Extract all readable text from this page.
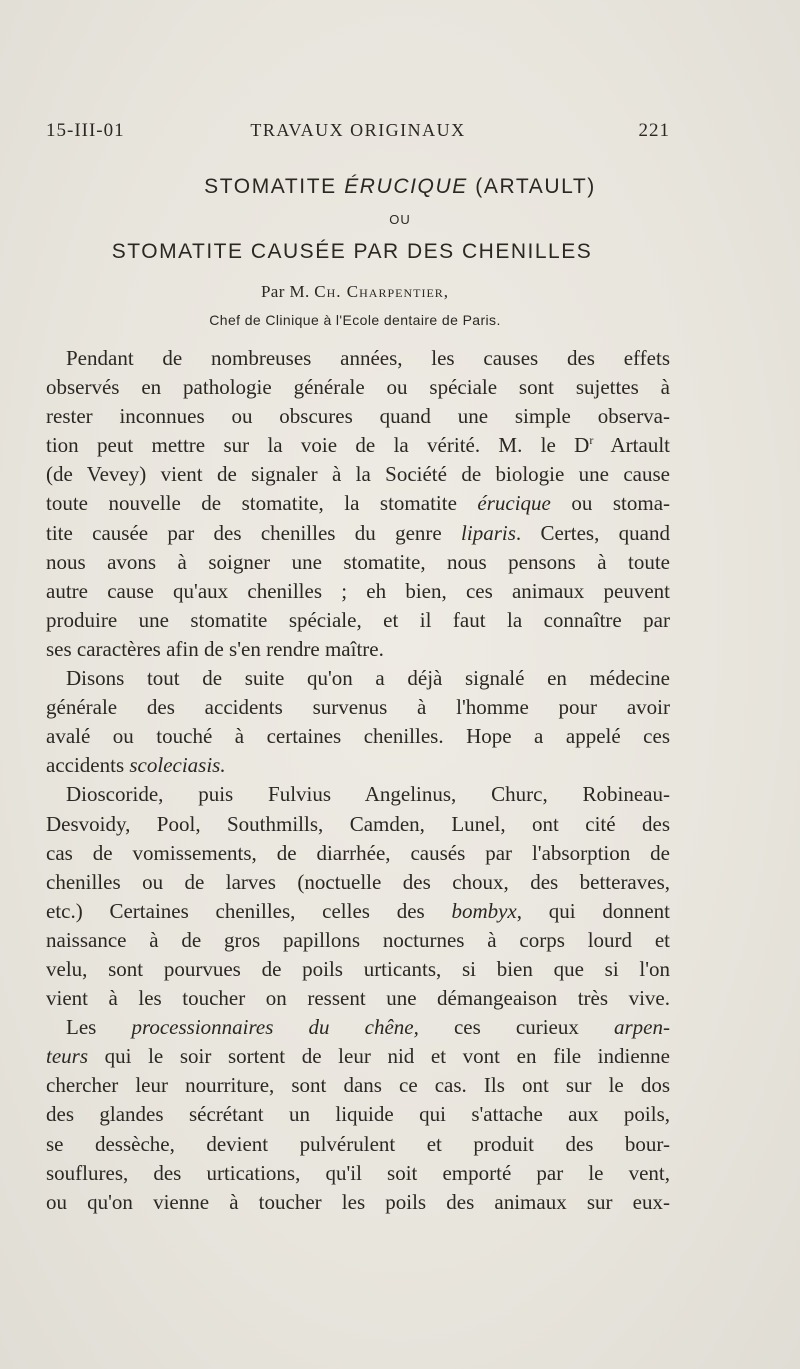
15-III-01	TRAVAUX ORIGINAUX	221
STOMATITE ÉRUCIQUE (ARTAULT)
OU
STOMATITE CAUSÉE PAR DES CHENILLES
Par M. Ch. Charpentier,
Chef de Clinique à l'Ecole dentaire de Paris.
Pendant de nombreuses années, les causes des effets
observés en pathologie générale ou spéciale sont sujettes à
rester inconnues ou obscures quand une simple observa-
tion peut mettre sur la voie de la vérité. M. le $D^r$ Artault
(de Vevey) vient de signaler à la Société de biologie une cause
toute nouvelle de stomatite, la stomatite érucique ou stoma-
tite causée par des chenilles du genre liparis. Certes, quand
nous avons à soigner une stomatite, nous pensons à toute
autre cause qu'aux chenilles ; eh bien, ces animaux peuvent
produire une stomatite spéciale, et il faut la connaître par
ses caractères afin de s'en rendre maître.
Disons tout de suite qu'on a déjà signalé en médecine
générale des accidents survenus à l'homme pour avoir
avalé ou touché à certaines chenilles. Hope a appelé ces
accidents scoleciasis.
Dioscoride, puis Fulvius Angelinus, Churc, Robineau-
Desvoidy, Pool, Southmills, Camden, Lunel, ont cité des
cas de vomissements, de diarrhée, causés par l'absorption de
chenilles ou de larves (noctuelle des choux, des betteraves,
etc.) Certaines chenilles, celles des bombyx, qui donnent
naissance à de gros papillons nocturnes à corps lourd et
velu, sont pourvues de poils urticants, si bien que si l'on
vient à les toucher on ressent une démangeaison très vive.
Les processionnaires du chêne, ces curieux arpen-
teurs qui le soir sortent de leur nid et vont en file indienne
chercher leur nourriture, sont dans ce cas. Ils ont sur le dos
des glandes sécrétant un liquide qui s'attache aux poils,
se dessèche, devient pulvérulent et produit des bour-
souflures, des urtications, qu'il soit emporté par le vent,
ou qu'on vienne à toucher les poils des animaux sur eux-
